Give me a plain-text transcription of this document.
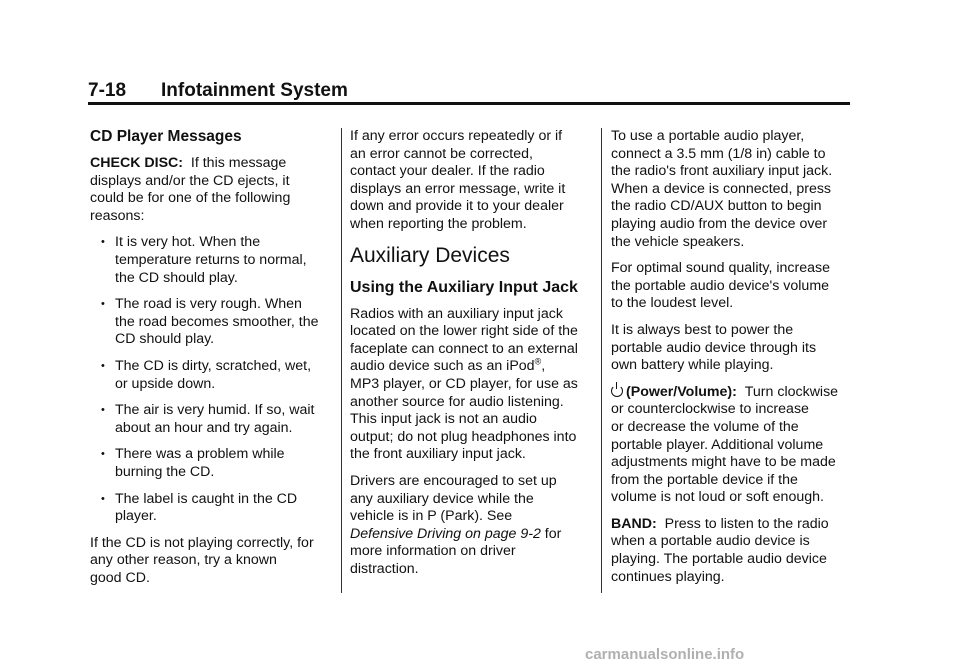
7-18 Infotainment System
CD Player Messages

CHECK DISC: If this message
displays and/or the CD ejects, it
could be for one of the following
reasons:

• It is very hot. When the
temperature returns to normal,
the CD should play.
• The road is very rough. When
the road becomes smoother, the
CD should play.
• The CD is dirty, scratched, wet,
or upside down.
• The air is very humid. If so, wait
about an hour and try again.
• There was a problem while
burning the CD.
• The label is caught in the CD
player.

If the CD is not playing correctly, for
any other reason, try a known
good CD.

If any error occurs repeatedly or if
an error cannot be corrected,
contact your dealer. If the radio
displays an error message, write it
down and provide it to your dealer
when reporting the problem.

Auxiliary Devices
Using the Auxiliary Input Jack

Radios with an auxiliary input jack
located on the lower right side of the
faceplate can connect to an external
audio device such as an iPod®,
MP3 player, or CD player, for use as
another source for audio listening.
This input jack is not an audio
output; do not plug headphones into
the front auxiliary input jack.

Drivers are encouraged to set up
any auxiliary device while the
vehicle is in P (Park). See
Defensive Driving on page 9-2 for
more information on driver
distraction.

To use a portable audio player,
connect a 3.5 mm (1/8 in) cable to
the radio's front auxiliary input jack.
When a device is connected, press
the radio CD/AUX button to begin
playing audio from the device over
the vehicle speakers.

For optimal sound quality, increase
the portable audio device's volume
to the loudest level.

It is always best to power the
portable audio device through its
own battery while playing.

(Power/Volume): Turn clockwise
or counterclockwise to increase
or decrease the volume of the
portable player. Additional volume
adjustments might have to be made
from the portable device if the
volume is not loud or soft enough.

BAND: Press to listen to the radio
when a portable audio device is
playing. The portable audio device
continues playing.

carmanualsonline.info
